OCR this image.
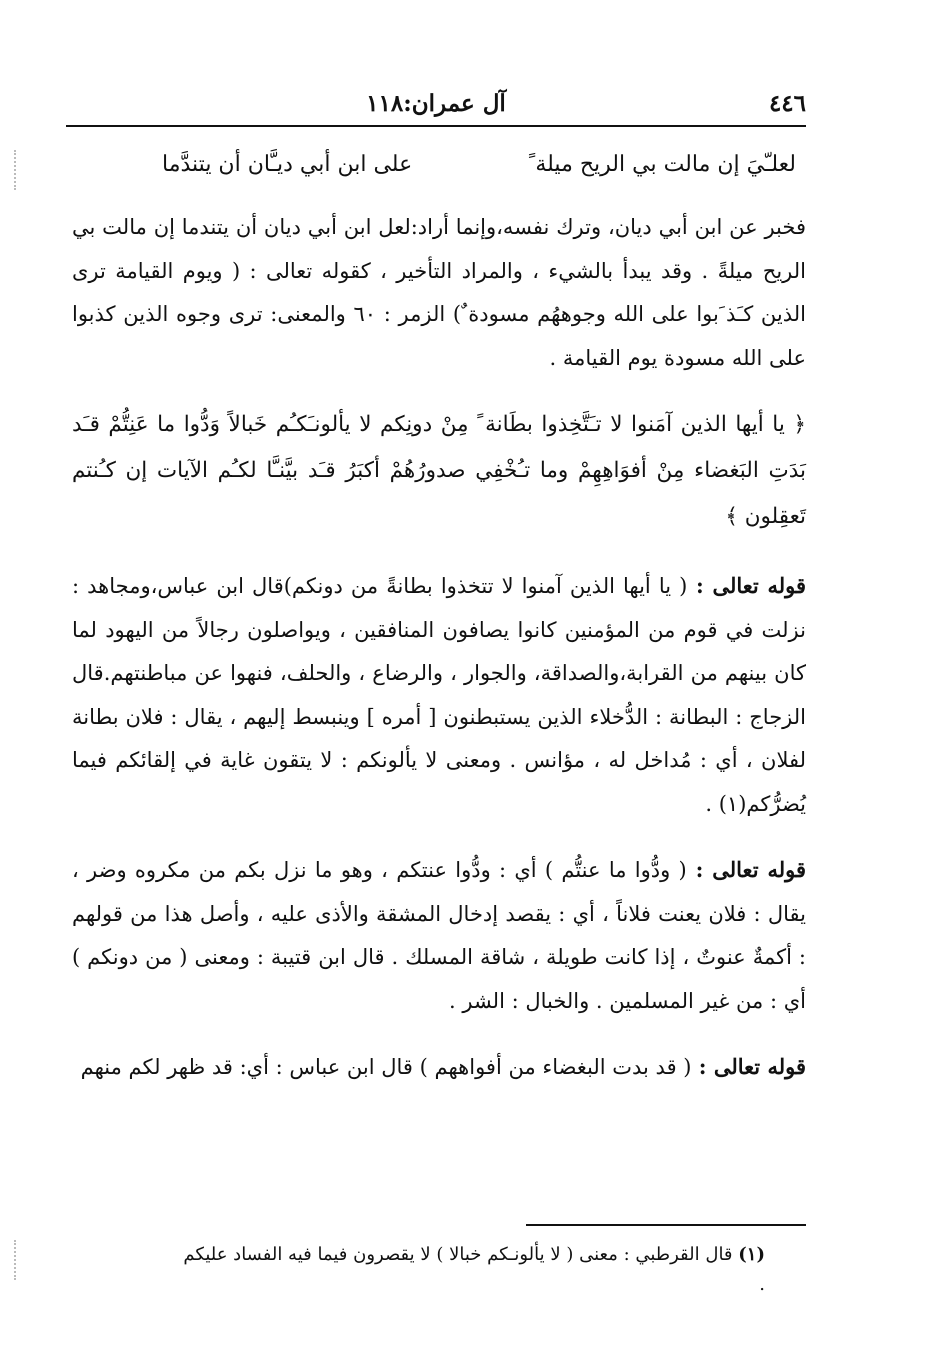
٤٤٦
آل عمران:١١٨
لعلـّيَ إن مالت بي الريح ميلة ً
على ابن أبي ديـَّان أن يتندَّما

فخبر عن ابن أبي ديان، وترك نفسه،وإنما أراد:لعل ابن أبي ديان أن يتندما إن مالت بي الريح ميلةً . وقد يبدأ بالشيء ، والمراد التأخير ، كقوله تعالى : ( ويوم القيامة ترى الذين كـَذ َبوا على الله وجوههُم مسودة ٌ) الزمر : ٦٠ والمعنى: ترى وجوه الذين كذبوا على الله مسودة يوم القيامة .

﴿ يا أيها الذين آمَنوا لا تـَتَّخِذوا بطَانة ً مِنْ دونِكم لا يألونـَكـُم خَبالاً وَدُّوا ما عَنِتُّمْ قـَد بَدَتِ البَغضاء مِنْ أفوَاهِهِمْ وما تـُخْفِي صدورُهُمْ أكبَرُ قـَد بيَّنـَّا لكـُم الآيات إن كـُنتم تَعقِلون ﴾

قوله تعالى : ( يا أيها الذين آمنوا لا تتخذوا بطانةً من دونكم)قال ابن عباس،ومجاهد : نزلت في قوم من المؤمنين كانوا يصافون المنافقين ، ويواصلون رجالاً من اليهود لما كان بينهم من القرابة،والصداقة، والجوار ، والرضاع ، والحلف، فنهوا عن مباطنتهم.قال الزجاج : البطانة : الدُّخلاء الذين يستبطنون [ أمره ] وينبسط إليهم ، يقال : فلان بطانة لفلان ، أي : مُداخل له ، مؤانس . ومعنى لا يألونكم : لا يتقون غاية في إلقائكم فيما يُضرُّكم(١) .

قوله تعالى : ( ودُّوا ما عنتُّم ) أي : ودُّوا عنتكم ، وهو ما نزل بكم من مكروه وضر ، يقال : فلان يعنت فلاناً ، أي : يقصد إدخال المشقة والأذى عليه ، وأصل هذا من قولهم : أكمةٌ عنوتٌ ، إذا كانت طويلة ، شاقة المسلك . قال ابن قتيبة : ومعنى ( من دونكم ) أي : من غير المسلمين . والخبال : الشر .

قوله تعالى : ( قد بدت البغضاء من أفواههم ) قال ابن عباس : أي: قد ظهر لكم منهم

(١) قال القرطبي : معنى ( لا يألونـكم خبالا ) لا يقصرون فيما فيه الفساد عليكم .
